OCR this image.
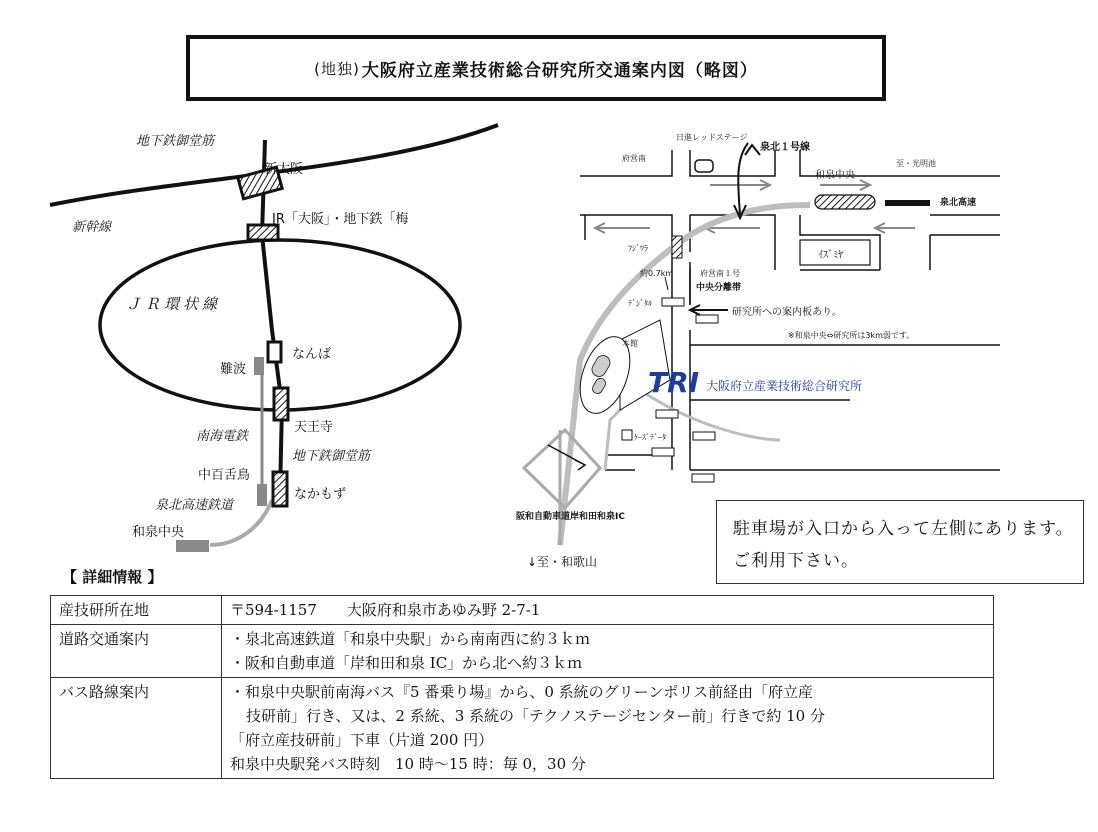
(地独) 大阪府立産業技術総合研究所交通案内図（略図）
地下鉄御堂筋
新大阪
新幹線
JR「大阪」・地下鉄「梅
ＪＲ環状線
なんば
難波
天王寺
南海電鉄
地下鉄御堂筋
中百舌鳥
なかもず
泉北高速鉄道
和泉中央
TRI
日進レッドステージ
泉北１号線
府営南
和泉中央
至・光明池
泉北高速
ﾌｼﾞﾜﾗ
ｲｽﾞﾐﾔ
約0.7km	府営南１号
中央分離帯
ﾃﾞｼﾞﾀﾙ
研究所への案内板あり。
※和泉中央⇔研究所は3km弱です。
本館
大阪府立産業技術総合研究所
ｹｰｽﾞﾃﾞｰﾀ
阪和自動車道岸和田和泉IC
↓至・和歌山
駐車場が入口から入って左側にあります。ご利用下さい。
【 詳細情報 】
産技研所在地	〒594-1157　　大阪府和泉市あゆみ野 2-7-1

道路交通案内	・泉北高速鉄道「和泉中央駅」から南南西に約３ｋｍ
・阪和自動車道「岸和田和泉 IC」から北へ約３ｋｍ

バス路線案内	・和泉中央駅前南海バス『5 番乗り場』から、0 系統のグリーンポリス前経由「府立産
技研前」行き、又は、2 系統、3 系統の「テクノステージセンター前」行きで約 10 分
「府立産技研前」下車（片道 200 円）
和泉中央駅発バス時刻　10 時～15 時：毎 0，30 分
